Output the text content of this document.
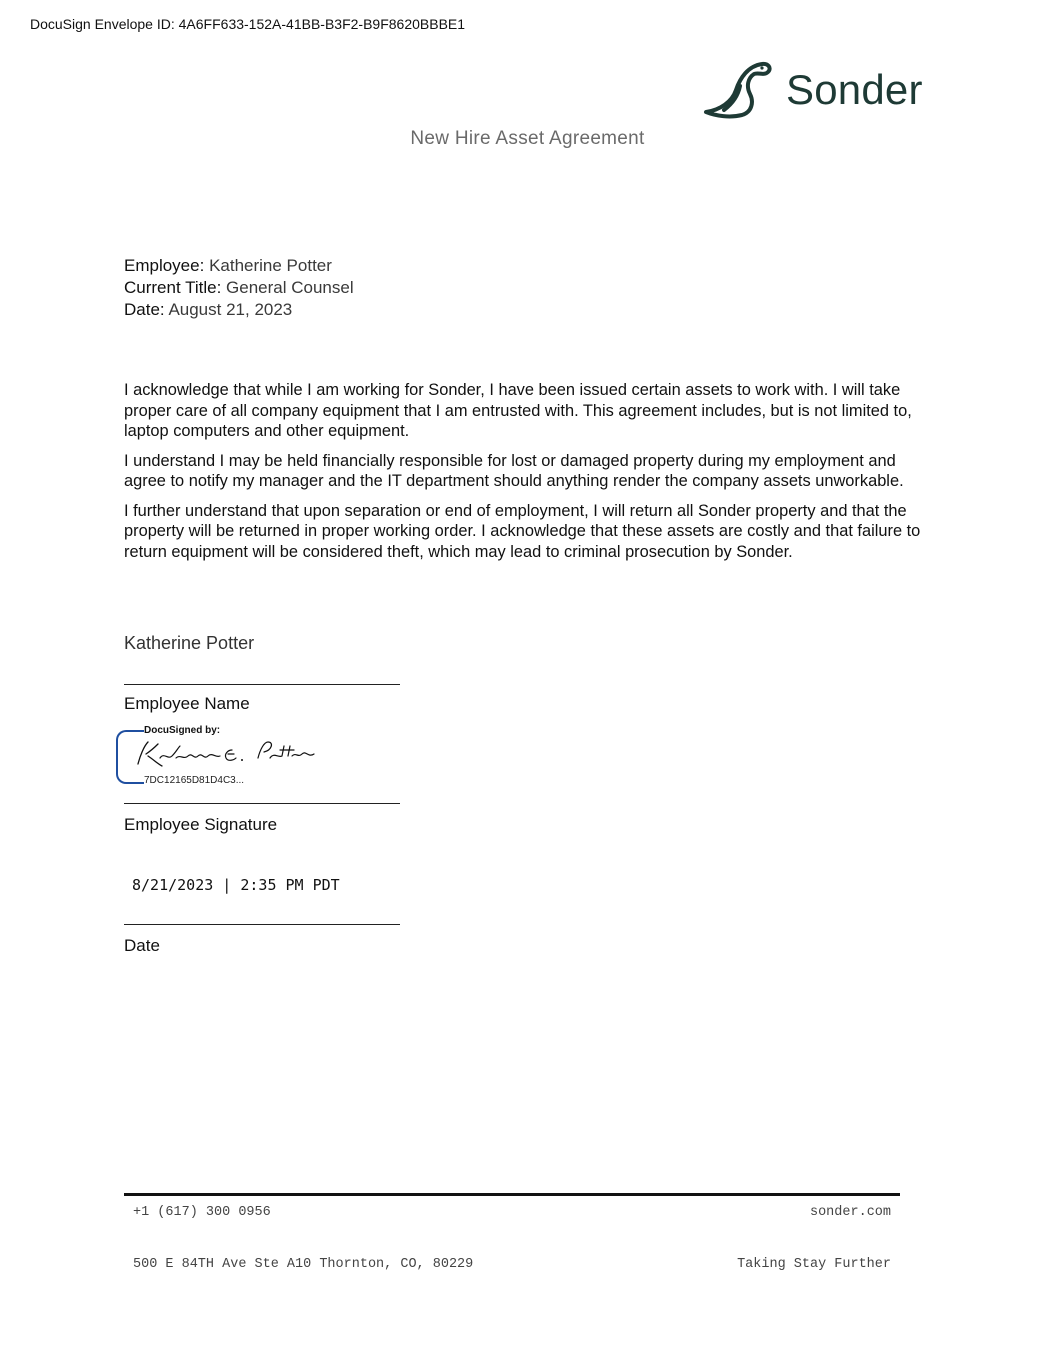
DocuSign Envelope ID: 4A6FF633-152A-41BB-B3F2-B9F8620BBBE1
Sonder
New Hire Asset Agreement
Employee: Katherine Potter
Current Title: General Counsel
Date: August 21, 2023

I acknowledge that while I am working for Sonder, I have been issued certain assets to work with. I will take proper care of all company equipment that I am entrusted with. This agreement includes, but is not limited to, laptop computers and other equipment.

I understand I may be held financially responsible for lost or damaged property during my employment and agree to notify my manager and the IT department should anything render the company assets unworkable.

I further understand that upon separation or end of employment, I will return all Sonder property and that the property will be returned in proper working order. I acknowledge that these assets are costly and that failure to return equipment will be considered theft, which may lead to criminal prosecution by Sonder.

Katherine Potter
Employee Name
DocuSigned by:
7DC12165D81D4C3...
Employee Signature
8/21/2023 | 2:35 PM PDT
Date
+1 (617) 300 0956	sonder.com
500 E 84TH Ave Ste A10 Thornton, CO, 80229	Taking Stay Further
